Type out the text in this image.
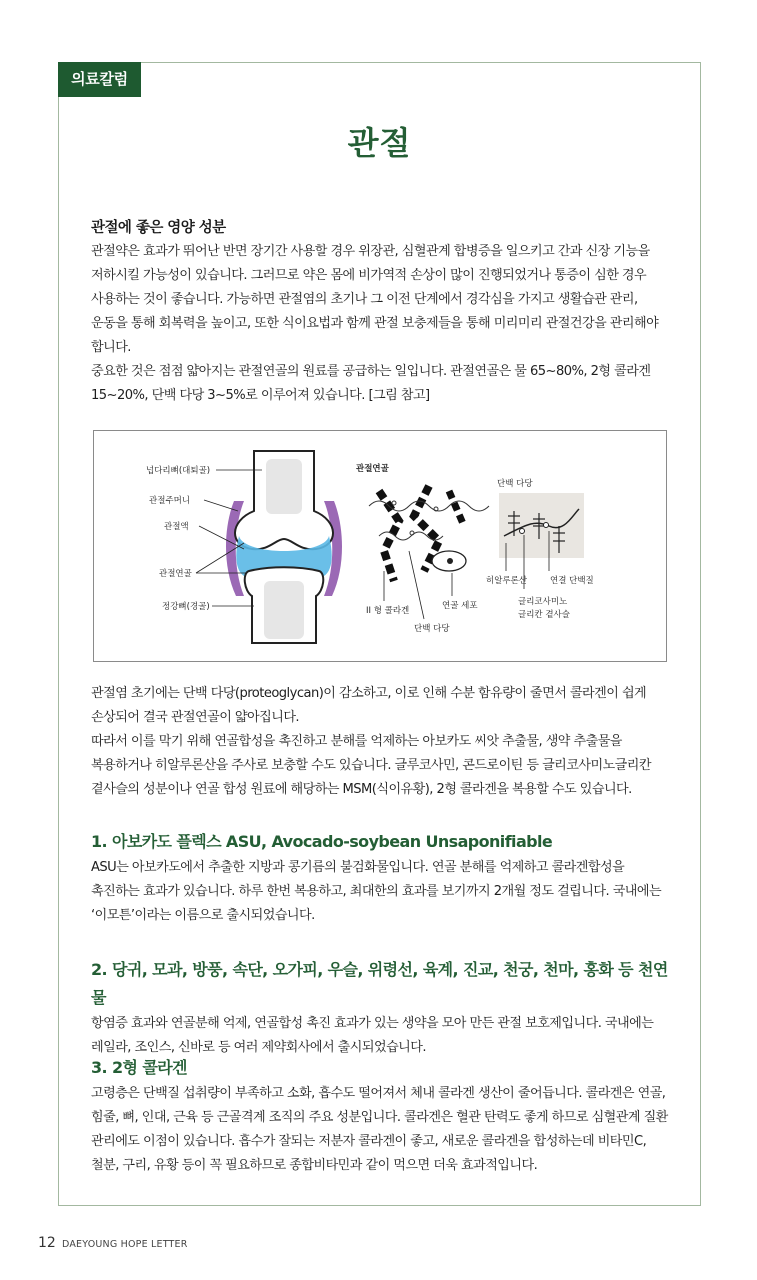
의료칼럼
관절
관절에 좋은 영양 성분

관절약은 효과가 뛰어난 반면 장기간 사용할 경우 위장관, 심혈관계 합병증을 일으키고 간과 신장 기능을 저하시킬 가능성이 있습니다. 그러므로 약은 몸에 비가역적 손상이 많이 진행되었거나 통증이 심한 경우 사용하는 것이 좋습니다. 가능하면 관절염의 초기나 그 이전 단계에서 경각심을 가지고 생활습관 관리, 운동을 통해 회복력을 높이고, 또한 식이요법과 함께 관절 보충제들을 통해 미리미리 관절건강을 관리해야 합니다.

중요한 것은 점점 얇아지는 관절연골의 원료를 공급하는 일입니다. 관절연골은 물 65~80%, 2형 콜라겐 15~20%, 단백 다당 3~5%로 이루어져 있습니다. [그림 참고]

넙다리뼈(대퇴골)
관절주머니
관절액
관절연골
정강뼈(경골)
관절연골
단백 다당
히알루론산	연결 단백질
글리코사미노
글리칸 곁사슬
II 형 콜라겐	연골 세포
단백 다당

관절염 초기에는 단백 다당(proteoglycan)이 감소하고, 이로 인해 수분 함유량이 줄면서 콜라겐이 쉽게 손상되어 결국 관절연골이 얇아집니다.

따라서 이를 막기 위해 연골합성을 촉진하고 분해를 억제하는 아보카도 씨앗 추출물, 생약 추출물을 복용하거나 히알루론산을 주사로 보충할 수도 있습니다. 글루코사민, 콘드로이틴 등 글리코사미노글리칸 곁사슬의 성분이나 연골 합성 원료에 해당하는 MSM(식이유황), 2형 콜라겐을 복용할 수도 있습니다.

1. 아보카도 플렉스 ASU, Avocado-soybean Unsaponifiable

ASU는 아보카도에서 추출한 지방과 콩기름의 불검화물입니다. 연골 분해를 억제하고 콜라겐합성을 촉진하는 효과가 있습니다. 하루 한번 복용하고, 최대한의 효과를 보기까지 2개월 정도 걸립니다. 국내에는 ‘이모튼’이라는 이름으로 출시되었습니다.

2. 당귀, 모과, 방풍, 속단, 오가피, 우슬, 위령선, 육계, 진교, 천궁, 천마, 홍화 등 천연물

항염증 효과와 연골분해 억제, 연골합성 촉진 효과가 있는 생약을 모아 만든 관절 보호제입니다. 국내에는 레일라, 조인스, 신바로 등 여러 제약회사에서 출시되었습니다.

3. 2형 콜라겐

고령층은 단백질 섭취량이 부족하고 소화, 흡수도 떨어져서 체내 콜라겐 생산이 줄어듭니다. 콜라겐은 연골, 힘줄, 뼈, 인대, 근육 등 근골격계 조직의 주요 성분입니다. 콜라겐은 혈관 탄력도 좋게 하므로 심혈관계 질환 관리에도 이점이 있습니다. 흡수가 잘되는 저분자 콜라겐이 좋고, 새로운 콜라겐을 합성하는데 비타민C, 철분, 구리, 유황 등이 꼭 필요하므로 종합비타민과 같이 먹으면 더욱 효과적입니다.

12 DAEYOUNG HOPE LETTER
